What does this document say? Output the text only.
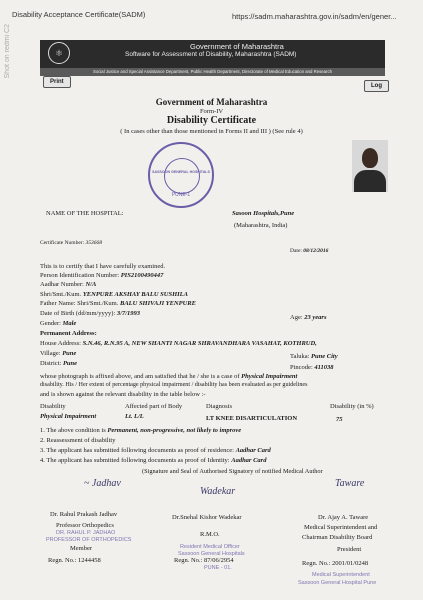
Disability Acceptance Certificate(SADM)	https://sadm.maharashtra.gov.in/sadm/en/gener...
Shot on redmi C2	⚛
Government of Maharashtra
Software for Assessment of Disability, Maharashtra (SADM)
Social Justice and Special Assistance Department, Public Health Department, Directorate of Medical Education and Research
Print
Log
Government of Maharashtra
Form-IV
Disability Certificate
( In cases other than those mentioned in Forms II and III ) (See rule 4)
SASSOON GENERAL HOSPITALS
PUNE-1
NAME OF THE HOSPITAL:	Sasoon Hospitals,Pune
(Maharashtra, India)
Certificate Number: 353668
Date: 08/12/2016
This is to certify that I have carefully examined.
Person Identification Number: PIS2100490447
Aadhar Number: N/A
Shri/Smt./Kum. YENPURE AKSHAY BALU SUSHILA
Father Name: Shri/Smt./Kum. BALU SHIVAJI YENPURE
Date of Birth (dd/mm/yyyy): 3/7/1993
Age: 23 years
Gender: Male
Permanent Address:
House Address: S.N.46, R.N.95 A, NEW SHANTI NAGAR SHRAVANDHARA VASAHAT, KOTHRUD,
Village: Pune	Taluka: Pune City
District: Pune
Pincode: 411038
whose photograph is affixed above, and am satisfied that he / she is a case of Physical Impairment
disability. His / Her extent of percentage physical impairment / disability has been evaluated as per guidelines
and is shown against the relevant disability in the table below :-
Disability	Affected part of Body	Diagnosis	Disability (in %)
Physical Impairment	Lt. L/L	LT KNEE DISARTICULATION	75
1. The above condition is Permanent, non-progressive, not likely to improve
2. Reassessment of disability
3. The applicant has submitted following documents as proof of residence: Aadhar Card
4. The applicant has submitted following documents as proof of Identity: Aadhar Card
(Signature and Seal of Authorised Signatory of notified Medical Author
~ Jadhav
Wadekar
Taware
Dr. Rahul Prakash Jadhav
Professor Orthopedics
Member
Regn. No.: 1244458
Dr.Snehal Kishor Wadekar
R.M.O.
Regn. No.: 87/06/2954
Dr. Ajay A. Taware
Medical Superintendent and
Chairman Disability Board
President
Regn. No.: 2001/01/0248
DR. RAHUL P. JADHAO
PROFESSOR OF ORTHOPEDICS
Resident Medical Officer
Sassoon General Hospitals
PUNE - 01.
Medical Superintendent
Sassoon General Hospital Pune
